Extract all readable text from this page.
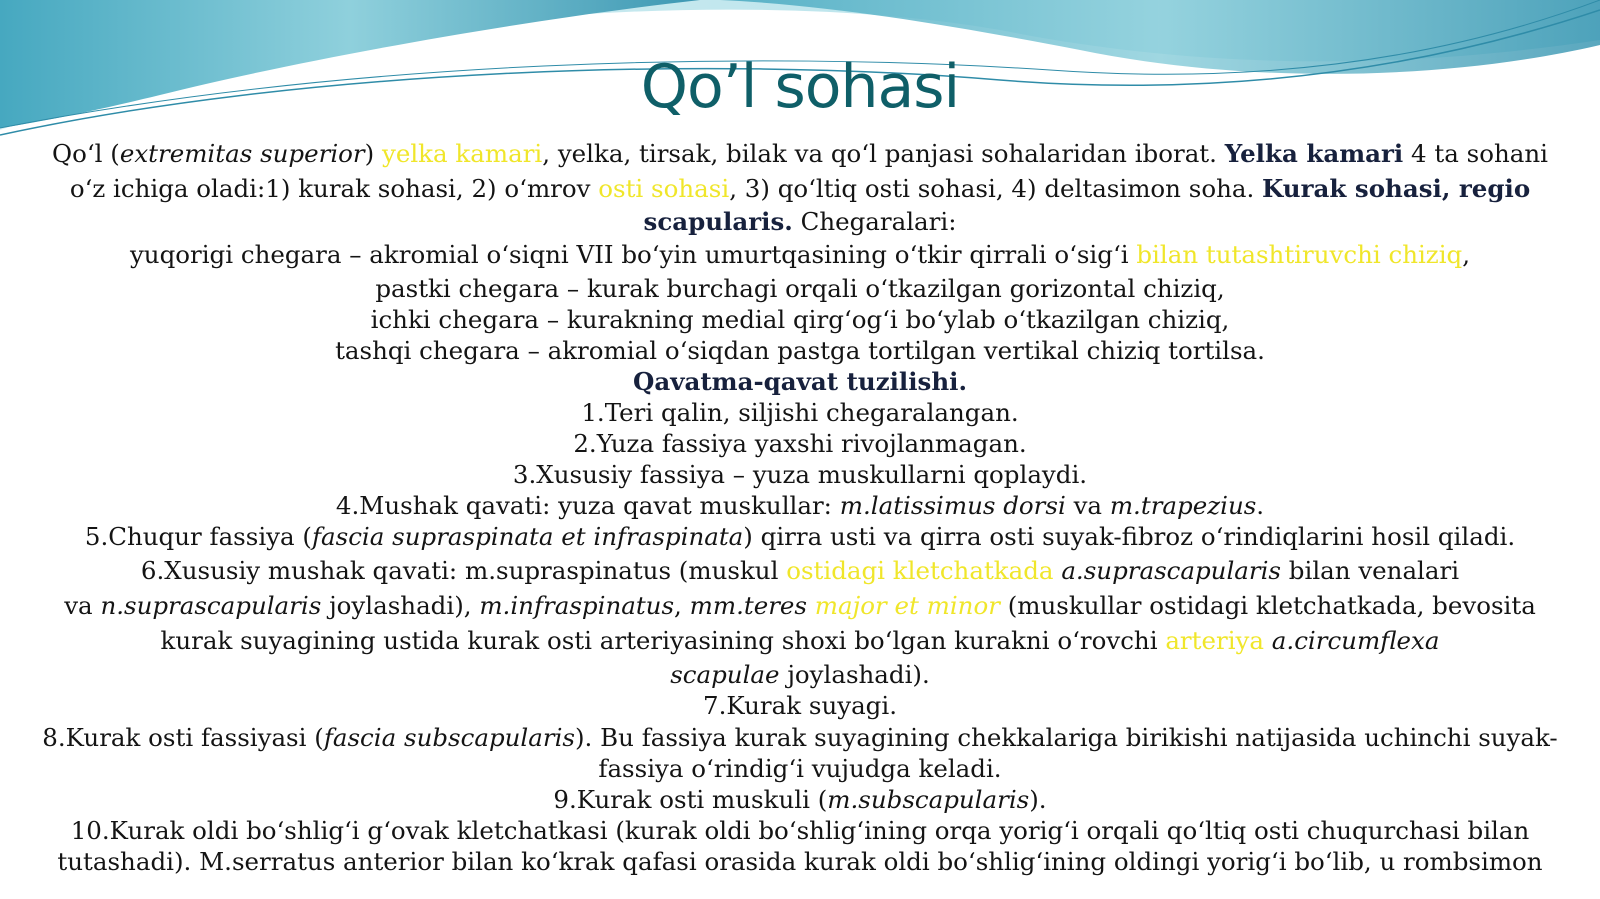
Qo’l sohasi
Qo‘l (extremitas superior) yelka kamari, yelka, tirsak, bilak va qo‘l panjasi sohalaridan iborat. Yelka kamari 4 ta sohani
o‘z ichiga oladi:1) kurak sohasi, 2) o‘mrov osti sohasi, 3) qo‘ltiq osti sohasi, 4) deltasimon soha. Kurak sohasi, regio
scapularis. Chegaralari:
yuqorigi chegara – akromial o‘siqni VII bo‘yin umurtqasining o‘tkir qirrali o‘sig‘i bilan tutashtiruvchi chiziq,
pastki chegara – kurak burchagi orqali o‘tkazilgan gorizontal chiziq,
ichki chegara – kurakning medial qirg‘og‘i bo‘ylab o‘tkazilgan chiziq,
tashqi chegara – akromial o‘siqdan pastga tortilgan vertikal chiziq tortilsa.
Qavatma-qavat tuzilishi.
1.Teri qalin, siljishi chegaralangan.
2.Yuza fassiya yaxshi rivojlanmagan.
3.Xususiy fassiya – yuza muskullarni qoplaydi.
4.Mushak qavati: yuza qavat muskullar: m.latissimus dorsi va m.trapezius.
5.Chuqur fassiya (fascia supraspinata et infraspinata) qirra usti va qirra osti suyak-fibroz o‘rindiqlarini hosil qiladi.
6.Xususiy mushak qavati: m.supraspinatus (muskul ostidagi kletchatkada a.suprascapularis bilan venalari
va n.suprascapularis joylashadi), m.infraspinatus, mm.teres major et minor (muskullar ostidagi kletchatkada, bevosita
kurak suyagining ustida kurak osti arteriyasining shoxi bo‘lgan kurakni o‘rovchi arteriya a.circumflexa
scapulae joylashadi).
7.Kurak suyagi.
8.Kurak osti fassiyasi (fascia subscapularis). Bu fassiya kurak suyagining chekkalariga birikishi natijasida uchinchi suyak-
fassiya o‘rindig‘i vujudga keladi.
9.Kurak osti muskuli (m.subscapularis).
10.Kurak oldi bo‘shlig‘i g‘ovak kletchatkasi (kurak oldi bo‘shlig‘ining orqa yorig‘i orqali qo‘ltiq osti chuqurchasi bilan
tutashadi). M.serratus anterior bilan ko‘krak qafasi orasida kurak oldi bo‘shlig‘ining oldingi yorig‘i bo‘lib, u rombsimon
